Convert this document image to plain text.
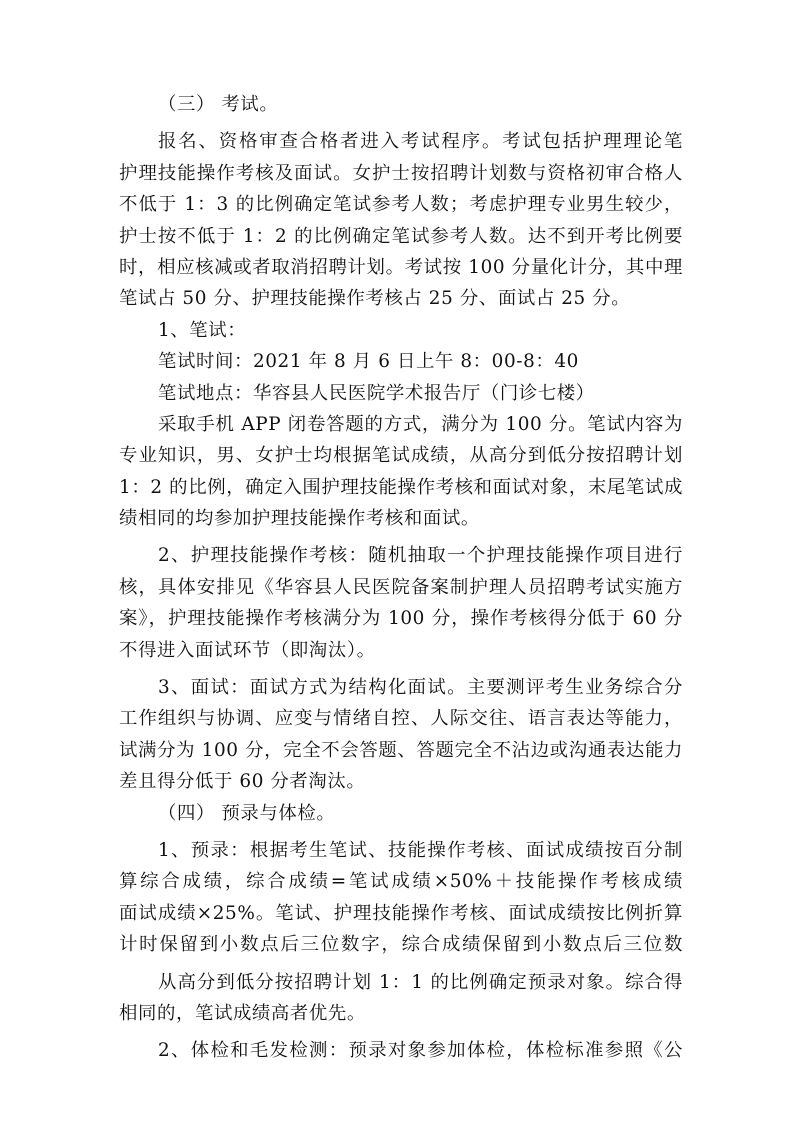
（三） 考试。
报名、资格审查合格者进入考试程序。考试包括护理理论笔
护理技能操作考核及面试。女护士按招聘计划数与资格初审合格人
不低于 1：3 的比例确定笔试参考人数；考虑护理专业男生较少，
护士按不低于 1：2 的比例确定笔试参考人数。达不到开考比例要
时，相应核减或者取消招聘计划。考试按 100 分量化计分，其中理
笔试占 50 分、护理技能操作考核占 25 分、面试占 25 分。
1、笔试：
笔试时间：2021 年 8 月 6 日上午 8：00-8：40
笔试地点：华容县人民医院学术报告厅（门诊七楼）
采取手机 APP 闭卷答题的方式，满分为 100 分。笔试内容为
专业知识，男、女护士均根据笔试成绩，从高分到低分按招聘计划
1：2 的比例，确定入围护理技能操作考核和面试对象，末尾笔试成
绩相同的均参加护理技能操作考核和面试。
2、护理技能操作考核：随机抽取一个护理技能操作项目进行
核，具体安排见《华容县人民医院备案制护理人员招聘考试实施方
案》，护理技能操作考核满分为 100 分，操作考核得分低于 60 分
不得进入面试环节（即淘汰）。
3、面试：面试方式为结构化面试。主要测评考生业务综合分
工作组织与协调、应变与情绪自控、人际交往、语言表达等能力，
试满分为 100 分，完全不会答题、答题完全不沾边或沟通表达能力
差且得分低于 60 分者淘汰。
（四） 预录与体检。
1、预录：根据考生笔试、技能操作考核、面试成绩按百分制
算综合成绩，综合成绩=笔试成绩×50%＋技能操作考核成绩
面试成绩×25%。笔试、护理技能操作考核、面试成绩按比例折算
计时保留到小数点后三位数字，综合成绩保留到小数点后三位数
从高分到低分按招聘计划 1：1 的比例确定预录对象。综合得
相同的，笔试成绩高者优先。
2、体检和毛发检测：预录对象参加体检，体检标准参照《公
